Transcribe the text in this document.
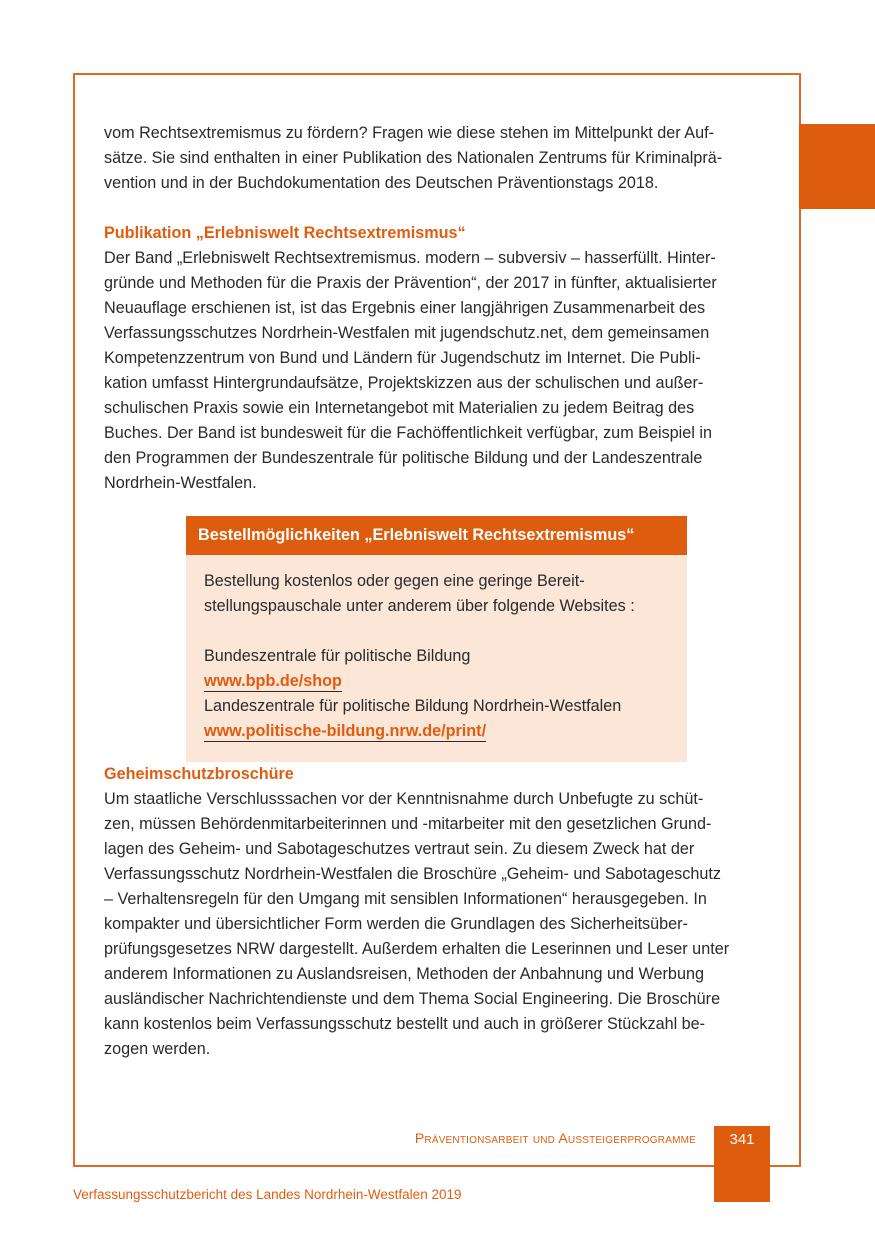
vom Rechtsextremismus zu fördern? Fragen wie diese stehen im Mittelpunkt der Auf-
sätze. Sie sind enthalten in einer Publikation des Nationalen Zentrums für Kriminalprä-
vention und in der Buchdokumentation des Deutschen Präventionstags 2018.

Publikation „Erlebniswelt Rechtsextremismus“
Der Band „Erlebniswelt Rechtsextremismus. modern – subversiv – hasserfüllt. Hinter-
gründe und Methoden für die Praxis der Prävention“, der 2017 in fünfter, aktualisierter
Neuauflage erschienen ist, ist das Ergebnis einer langjährigen Zusammenarbeit des
Verfassungsschutzes Nordrhein-Westfalen mit jugendschutz.net, dem gemeinsamen
Kompetenzzentrum von Bund und Ländern für Jugendschutz im Internet. Die Publi-
kation umfasst Hintergrundaufsätze, Projektskizzen aus der schulischen und außer-
schulischen Praxis sowie ein Internetangebot mit Materialien zu jedem Beitrag des
Buches. Der Band ist bundesweit für die Fachöffentlichkeit verfügbar, zum Beispiel in
den Programmen der Bundeszentrale für politische Bildung und der Landeszentrale
Nordrhein-Westfalen.

Bestellmöglichkeiten „Erlebniswelt Rechtsextremismus“
Bestellung kostenlos oder gegen eine geringe Bereit-
stellungspauschale unter anderem über folgende Websites :
Bundeszentrale für politische Bildung
www.bpb.de/shop
Landeszentrale für politische Bildung Nordrhein-Westfalen
www.politische-bildung.nrw.de/print/

Geheimschutzbroschüre
Um staatliche Verschlusssachen vor der Kenntnisnahme durch Unbefugte zu schüt-
zen, müssen Behördenmitarbeiterinnen und -mitarbeiter mit den gesetzlichen Grund-
lagen des Geheim- und Sabotageschutzes vertraut sein. Zu diesem Zweck hat der
Verfassungsschutz Nordrhein-Westfalen die Broschüre „Geheim- und Sabotageschutz
– Verhaltensregeln für den Umgang mit sensiblen Informationen“ herausgegeben. In
kompakter und übersichtlicher Form werden die Grundlagen des Sicherheitsüber-
prüfungsgesetzes NRW dargestellt. Außerdem erhalten die Leserinnen und Leser unter
anderem Informationen zu Auslandsreisen, Methoden der Anbahnung und Werbung
ausländischer Nachrichtendienste und dem Thema Social Engineering. Die Broschüre
kann kostenlos beim Verfassungsschutz bestellt und auch in größerer Stückzahl be-
zogen werden.

Präventionsarbeit und Aussteigerprogramme	341
Verfassungsschutzbericht des Landes Nordrhein-Westfalen 2019
